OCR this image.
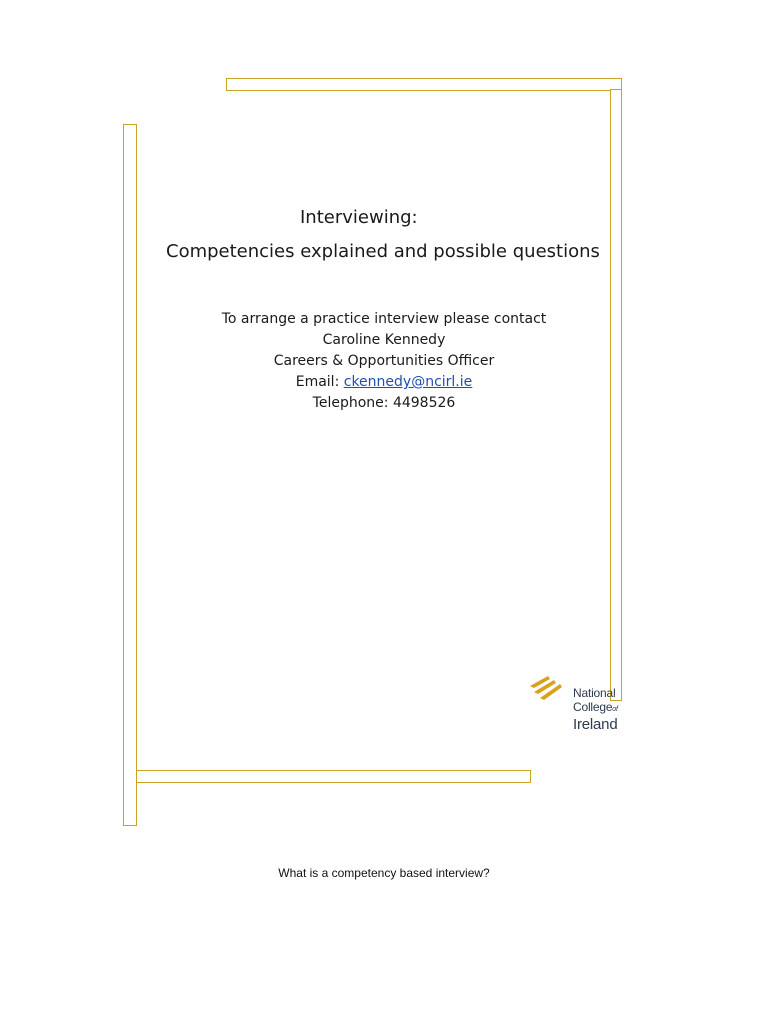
Interviewing:
Competencies explained and possible questions
To arrange a practice interview please contact
Caroline Kennedy
Careers & Opportunities Officer
Email: ckennedy@ncirl.ie
Telephone: 4498526
National
Collegeof
Ireland
What is a competency based interview?
